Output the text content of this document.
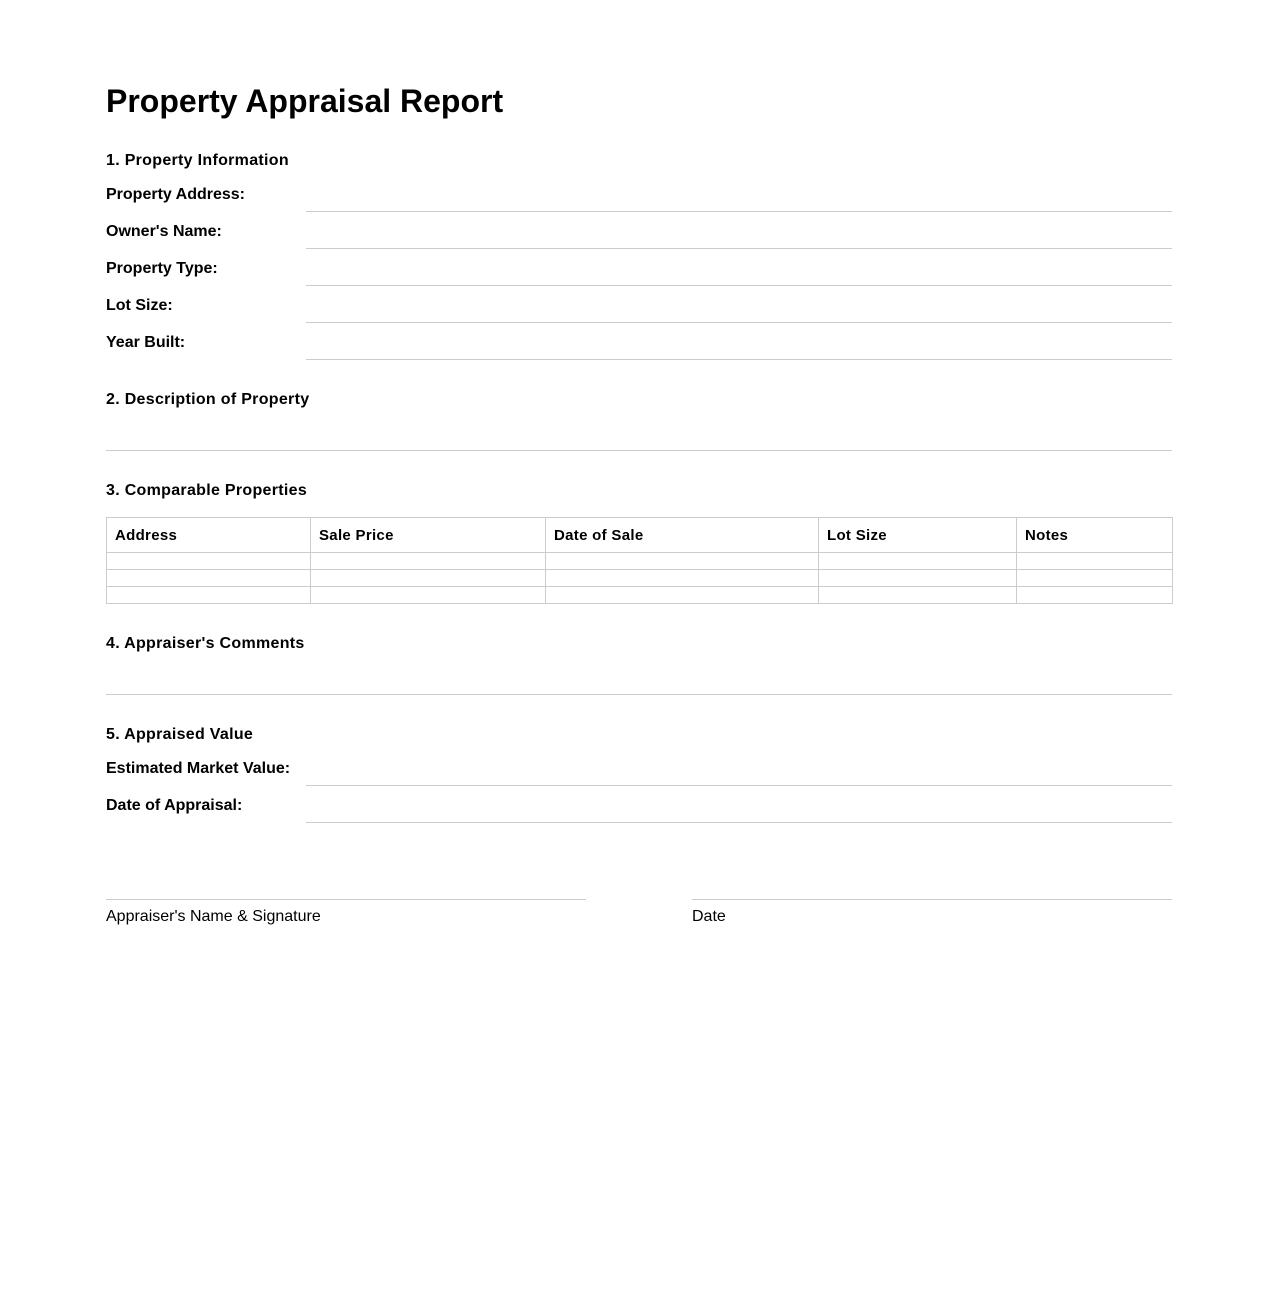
Property Appraisal Report
1. Property Information
Property Address:
Owner's Name:
Property Type:
Lot Size:
Year Built:
2. Description of Property
3. Comparable Properties
Address	Sale Price	Date of Sale	Lot Size	Notes

4. Appraiser's Comments
5. Appraised Value
Estimated Market Value:
Date of Appraisal:
Appraiser's Name & Signature	Date
